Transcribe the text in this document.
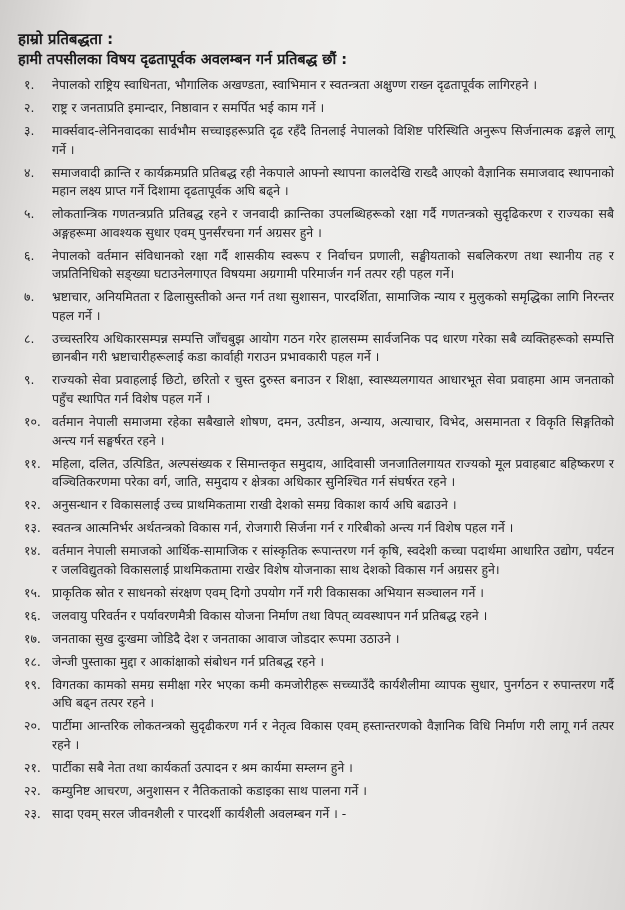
हाम्रो प्रतिबद्धता :
हामी तपसीलका विषय दृढतापूर्वक अवलम्बन गर्न प्रतिबद्ध छौं :
१.	नेपालको राष्ट्रिय स्वाधिनता, भौगालिक अखण्डता, स्वाभिमान र स्वतन्त्रता अक्षुण्ण राख्न दृढतापूर्वक लागिरहने ।
२.	राष्ट्र र जनताप्रति इमान्दार, निष्ठावान र समर्पित भई काम गर्ने ।
३.	मार्क्सवाद-लेनिनवादका सार्वभौम सच्चाइहरूप्रति दृढ रहँदै तिनलाई नेपालको विशिष्ट परिस्थिति अनुरूप सिर्जनात्मक ढङ्गले लागू गर्ने ।
४.	समाजवादी क्रान्ति र कार्यक्रमप्रति प्रतिबद्ध रही नेकपाले आफ्नो स्थापना कालदेखि राख्दै आएको वैज्ञानिक समाजवाद स्थापनाको महान लक्ष्य प्राप्त गर्ने दिशामा दृढतापूर्वक अघि बढ्ने ।
५.	लोकतान्त्रिक गणतन्त्रप्रति प्रतिबद्ध रहने र जनवादी क्रान्तिका उपलब्धिहरूको रक्षा गर्दै गणतन्त्रको सुदृढिकरण र राज्यका सबै अङ्गहरूमा आवश्यक सुधार एवम् पुनर्संरचना गर्न अग्रसर हुने ।
६.	नेपालको वर्तमान संविधानको रक्षा गर्दै शासकीय स्वरूप र निर्वाचन प्रणाली, सङ्घीयताको सबलिकरण तथा स्थानीय तह र जप्रतिनिधिको सङ्ख्या घटाउनेलगाएत विषयमा अग्रगामी परिमार्जन गर्न तत्पर रही पहल गर्ने।
७.	भ्रष्टाचार, अनियमितता र ढिलासुस्तीको अन्त गर्न तथा सुशासन, पारदर्शिता, सामाजिक न्याय र मुलुकको समृद्धिका लागि निरन्तर पहल गर्ने ।
८.	उच्चस्तरिय अधिकारसम्पन्न सम्पत्ति जाँचबुझ आयोग गठन गरेर हालसम्म सार्वजनिक पद धारण गरेका सबै व्यक्तिहरूको सम्पत्ति छानबीन गरी भ्रष्टाचारीहरूलाई कडा कार्वाही गराउन प्रभावकारी पहल गर्ने ।
९.	राज्यको सेवा प्रवाहलाई छिटो, छरितो र चुस्त दुरुस्त बनाउन र शिक्षा, स्वास्थ्यलगायत आधारभूत सेवा प्रवाहमा आम जनताको पहुँच स्थापित गर्न विशेष पहल गर्ने ।
१०. वर्तमान नेपाली समाजमा रहेका सबैखाले शोषण, दमन, उत्पीडन, अन्याय, अत्याचार, विभेद, असमानता र विकृति सिङ्गतिको अन्त्य गर्न सङ्घर्षरत रहने ।
११. महिला, दलित, उत्पिडित, अल्पसंख्यक र सिमान्तकृत समुदाय, आदिवासी जनजातिलगायत राज्यको मूल प्रवाहबाट बहिष्करण र वञ्चितिकरणमा परेका वर्ग, जाति, समुदाय र क्षेत्रका अधिकार सुनिश्चित गर्न संघर्षरत रहने ।
१२. अनुसन्धान र विकासलाई उच्च प्राथमिकतामा राखी देशको समग्र विकाश कार्य अघि बढाउने ।
१३. स्वतन्त्र आत्मनिर्भर अर्थतन्त्रको विकास गर्न, रोजगारी सिर्जना गर्न र गरिबीको अन्त्य गर्न विशेष पहल गर्ने ।
१४. वर्तमान नेपाली समाजको आर्थिक-सामाजिक र सांस्कृतिक रूपान्तरण गर्न कृषि, स्वदेशी कच्चा पदार्थमा आधारित उद्योग, पर्यटन र जलविद्युतको विकासलाई प्राथमिकतामा राखेर विशेष योजनाका साथ देशको विकास गर्न अग्रसर हुने।
१५. प्राकृतिक स्रोत र साधनको संरक्षण एवम् दिगो उपयोग गर्ने गरी विकासका अभियान सञ्चालन गर्ने ।
१६. जलवायु परिवर्तन र पर्यावरणमैत्री विकास योजना निर्माण तथा विपत् व्यवस्थापन गर्न प्रतिबद्ध रहने ।
१७. जनताका सुख दुःखमा जोडिदै देश र जनताका आवाज जोडदार रूपमा उठाउने ।
१८. जेन्जी पुस्ताका मुद्दा र आकांक्षाको संबोधन गर्न प्रतिबद्ध रहने ।
१९. विगतका कामको समग्र समीक्षा गरेर भएका कमी कमजोरीहरू सच्च्याउँदै कार्यशैलीमा व्यापक सुधार, पुनर्गठन र रुपान्तरण गर्दै अघि बढ्न तत्पर रहने ।
२०. पार्टीमा आन्तरिक लोकतन्त्रको सुदृढीकरण गर्न र नेतृत्व विकास एवम् हस्तान्तरणको वैज्ञानिक विधि निर्माण गरी लागू गर्न तत्पर रहने ।
२१. पार्टीका सबै नेता तथा कार्यकर्ता उत्पादन र श्रम कार्यमा सम्लग्न हुने ।
२२. कम्युनिष्ट आचरण, अनुशासन र नैतिकताको कडाइका साथ पालना गर्ने ।
२३. सादा एवम् सरल जीवनशैली र पारदर्शी कार्यशैली अवलम्बन गर्ने । -
